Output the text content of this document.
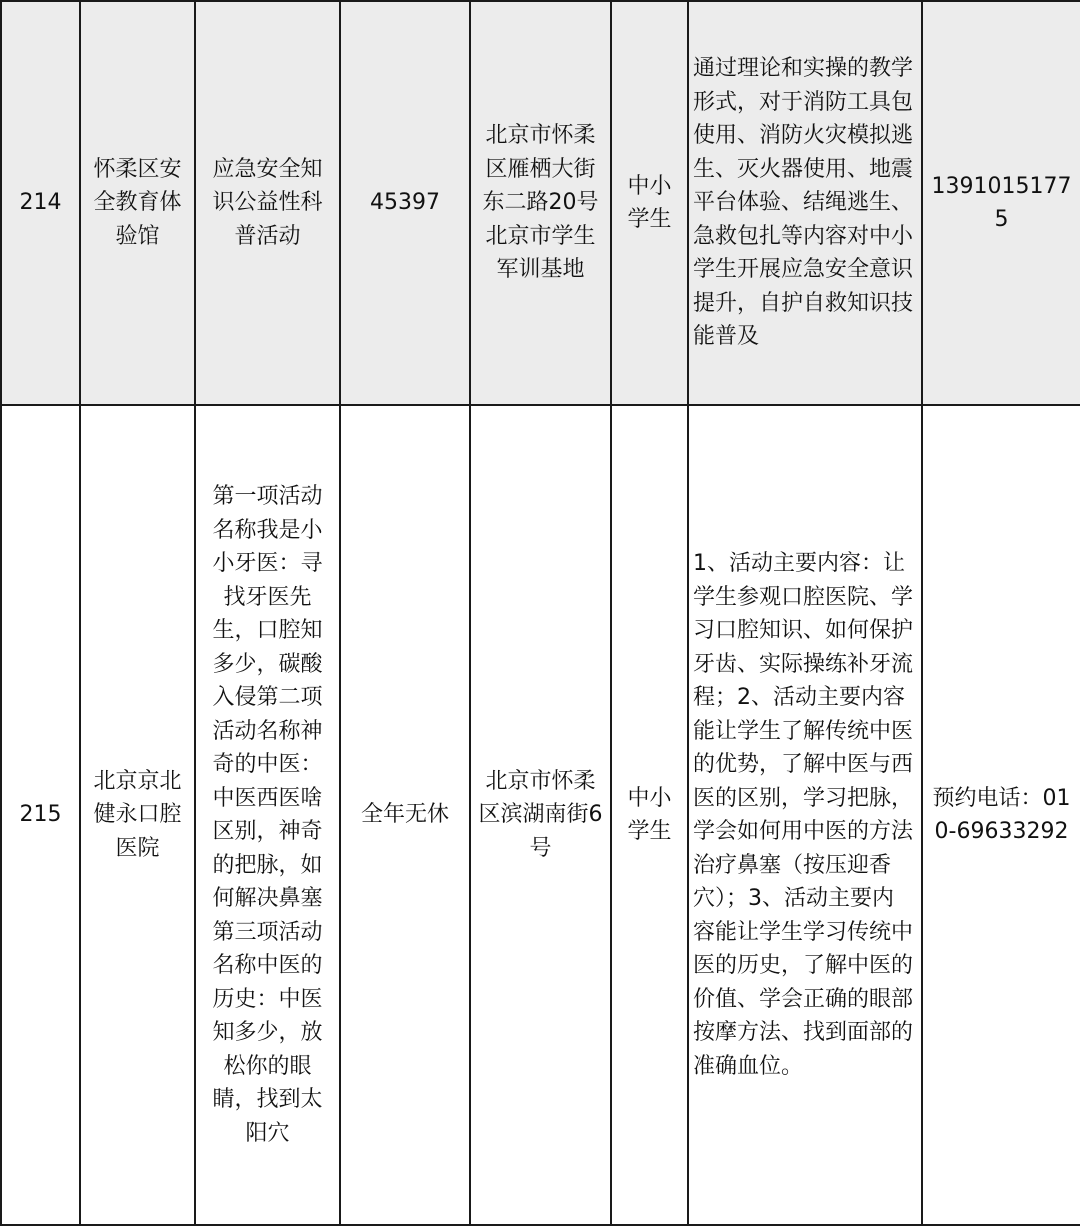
214	怀柔区安全教育体验馆	应急安全知识公益性科普活动	45397	北京市怀柔区雁栖大街东二路20号北京市学生军训基地	中小学生	通过理论和实操的教学形式，对于消防工具包使用、消防火灾模拟逃生、灭火器使用、地震平台体验、结绳逃生、急救包扎等内容对中小学生开展应急安全意识提升，自护自救知识技能普及	13910151775

215	北京京北健永口腔医院	第一项活动名称我是小小牙医：寻找牙医先生，口腔知多少，碳酸入侵第二项活动名称神奇的中医：中医西医啥区别，神奇的把脉，如何解决鼻塞第三项活动名称中医的历史：中医知多少，放松你的眼睛，找到太阳穴	全年无休	北京市怀柔区滨湖南街6号	中小学生	1、活动主要内容：让学生参观口腔医院、学习口腔知识、如何保护牙齿、实际操练补牙流程；2、活动主要内容能让学生了解传统中医的优势，了解中医与西医的区别，学习把脉，学会如何用中医的方法治疗鼻塞（按压迎香穴）；3、活动主要内容能让学生学习传统中医的历史，了解中医的价值、学会正确的眼部按摩方法、找到面部的准确血位。	预约电话：010-69633292
